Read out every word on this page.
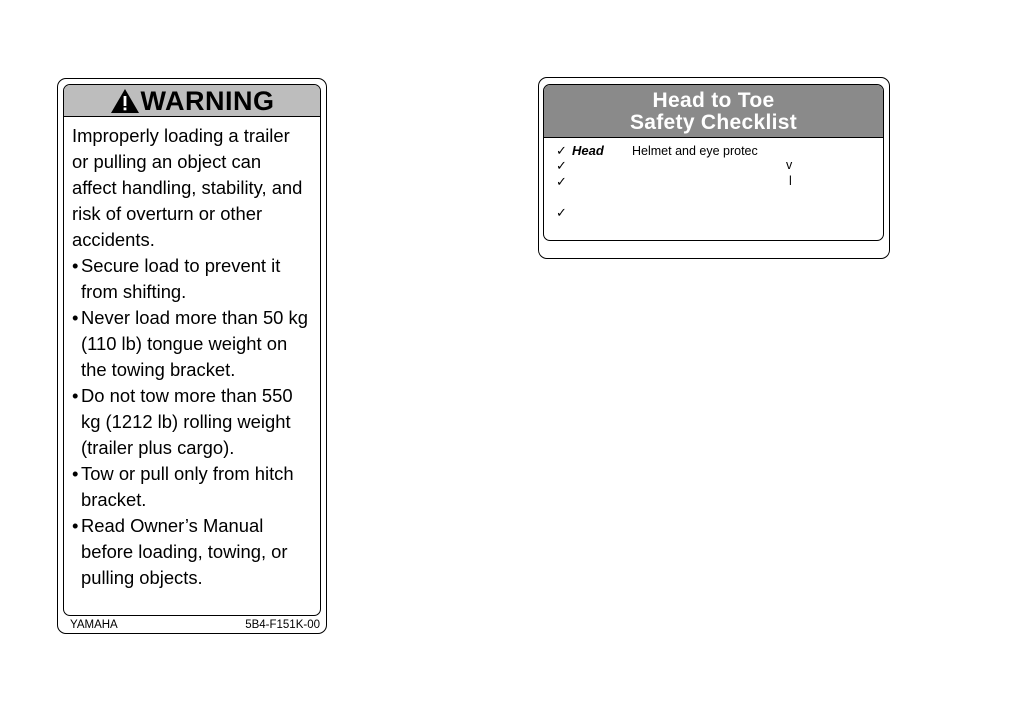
WARNING

Improperly loading a trailer
or pulling an object can
affect handling, stability, and
risk of overturn or other
accidents.

• Secure load to prevent it
from shifting.

• Never load more than 50 kg
(110 lb) tongue weight on
the towing bracket.

• Do not tow more than 550
kg (1212 lb) rolling weight
(trailer plus cargo).

• Tow or pull only from hitch
bracket.

• Read Owner’s Manual
before loading, towing, or
pulling objects.

YAMAHA	5B4-F151K-00
Head to Toe
Safety Checklist
✓ Head Helmet and eye protec
✓	v
✓	l
✓
